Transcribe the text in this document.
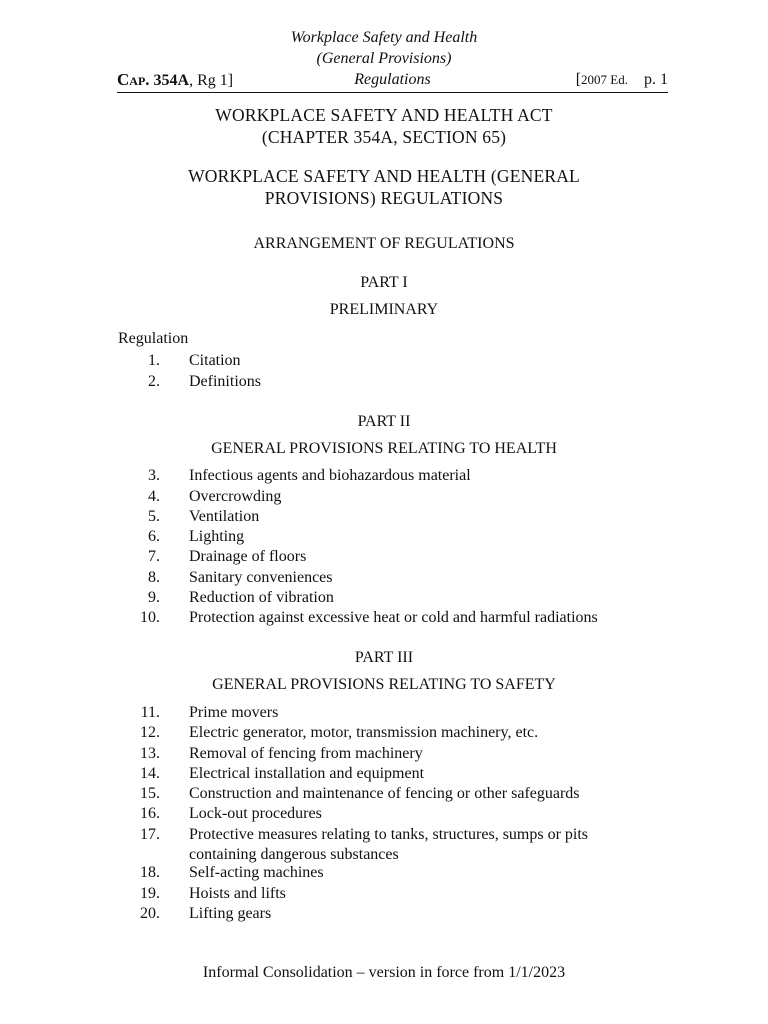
Workplace Safety and Health
(General Provisions)
Regulations
Cap. 354A, Rg 1]	[2007 Ed. p. 1
WORKPLACE SAFETY AND HEALTH ACT
(CHAPTER 354A, SECTION 65)
WORKPLACE SAFETY AND HEALTH (GENERAL
PROVISIONS) REGULATIONS
ARRANGEMENT OF REGULATIONS
PART I
PRELIMINARY
Regulation
1. Citation
2. Definitions
PART II
GENERAL PROVISIONS RELATING TO HEALTH
3. Infectious agents and biohazardous material
4. Overcrowding
5. Ventilation
6. Lighting
7. Drainage of floors
8. Sanitary conveniences
9. Reduction of vibration
10. Protection against excessive heat or cold and harmful radiations
PART III
GENERAL PROVISIONS RELATING TO SAFETY
11. Prime movers
12. Electric generator, motor, transmission machinery, etc.
13. Removal of fencing from machinery
14. Electrical installation and equipment
15. Construction and maintenance of fencing or other safeguards
16. Lock-out procedures
17. Protective measures relating to tanks, structures, sumps or pits containing dangerous substances
18. Self-acting machines
19. Hoists and lifts
20. Lifting gears
Informal Consolidation – version in force from 1/1/2023
